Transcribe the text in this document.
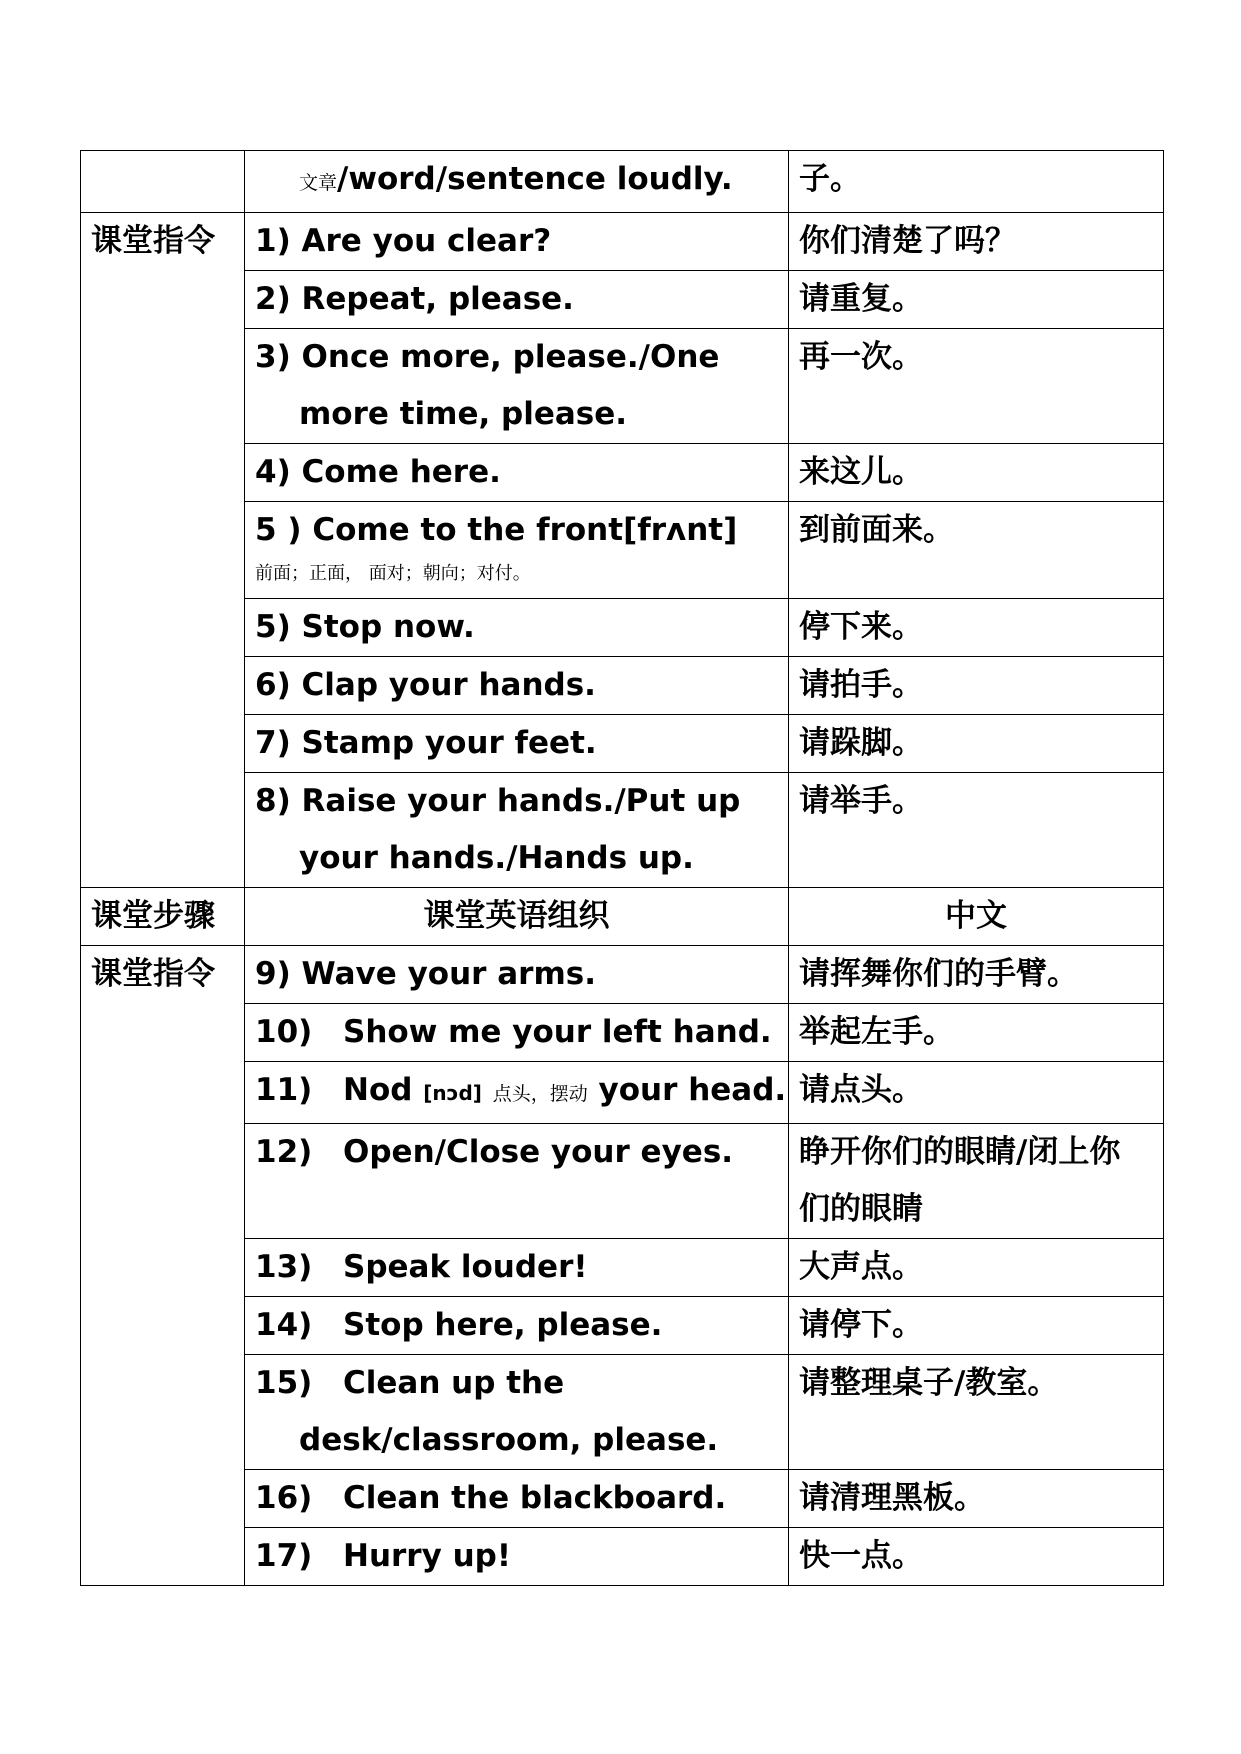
	文章/word/sentence loudly.	子。
课堂指令	1) Are you clear?	你们清楚了吗？
	2) Repeat, please.	请重复。
	3) Once more, please./One
more time, please.	再一次。
	4) Come here.	来这儿。
	5 ) Come to the front[frʌnt]
前面；正面， 面对；朝向；对付。	到前面来。
	5) Stop now.	停下来。
	6) Clap your hands.	请拍手。
	7) Stamp your feet.	请跺脚。
	8) Raise your hands./Put up
your hands./Hands up.	请举手。
课堂步骤	课堂英语组织	中文
课堂指令	9) Wave your arms.	请挥舞你们的手臂。
	10) Show me your left hand.	举起左手。
	11) Nod [nɔd] 点头，摆动 your head.	请点头。
	12) Open/Close your eyes.	睁开你们的眼睛/闭上你
们的眼睛
	13) Speak louder!	大声点。
	14) Stop here, please.	请停下。
	15) Clean up the
desk/classroom, please.	请整理桌子/教室。
	16) Clean the blackboard.	请清理黑板。
	17) Hurry up!	快一点。
